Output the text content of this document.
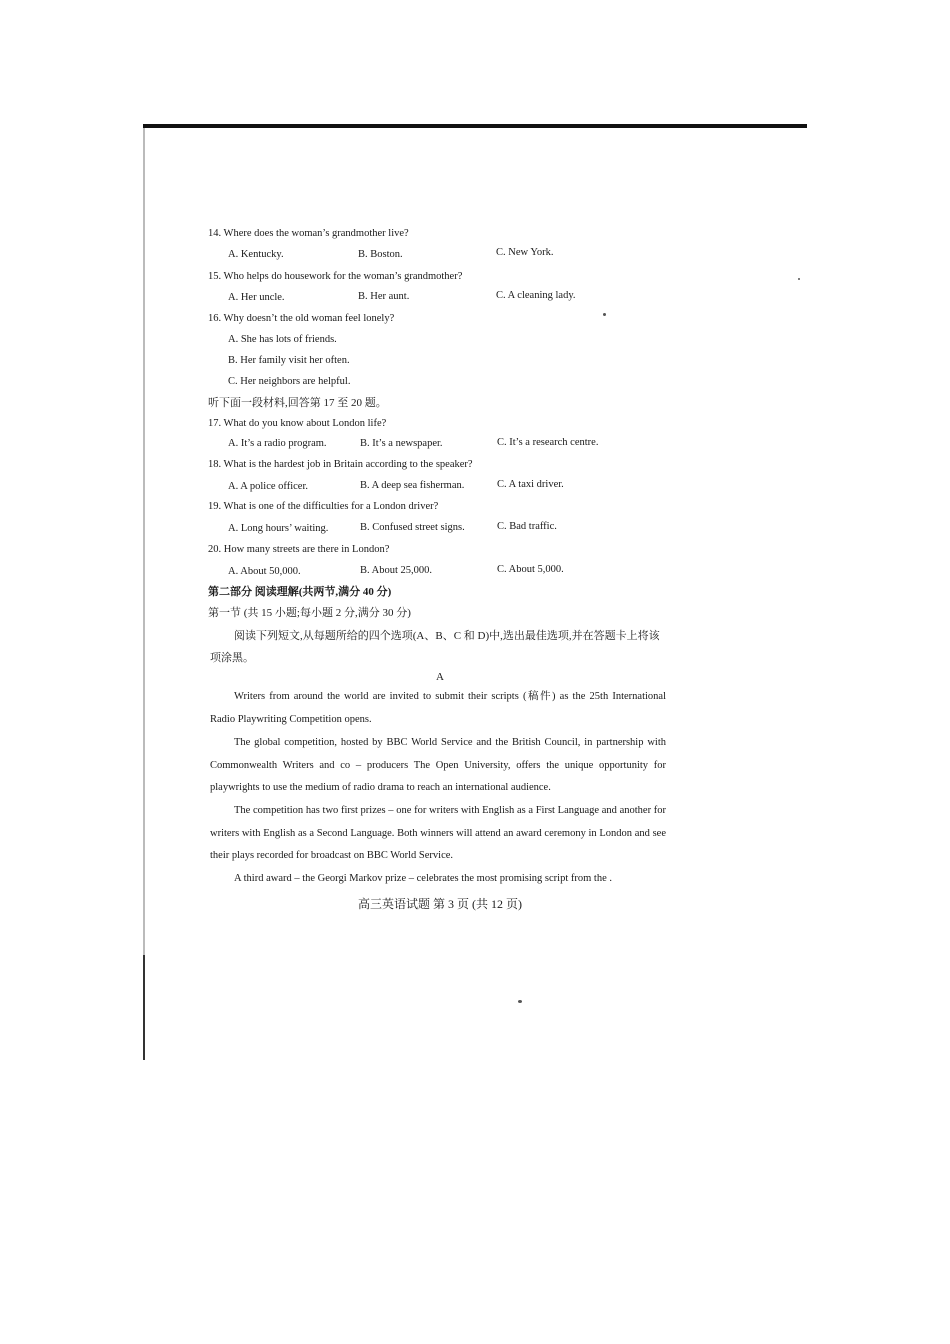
14. Where does the woman’s grandmother live?
A. Kentucky.	B. Boston.	C. New York.
15. Who helps do housework for the woman’s grandmother?
A. Her uncle.	B. Her aunt.	C. A cleaning lady.
16. Why doesn’t the old woman feel lonely?
A. She has lots of friends.
B. Her family visit her often.
C. Her neighbors are helpful.
听下面一段材料,回答第 17 至 20 题。
17. What do you know about London life?
A. It’s a radio program.	B. It’s a newspaper.	C. It’s a research centre.
18. What is the hardest job in Britain according to the speaker?
A. A police officer.	B. A deep sea fisherman.	C. A taxi driver.
19. What is one of the difficulties for a London driver?
A. Long hours’ waiting.	B. Confused street signs.	C. Bad traffic.
20. How many streets are there in London?
A. About 50,000.	B. About 25,000.	C. About 5,000.
第二部分 阅读理解(共两节,满分 40 分)
第一节 (共 15 小题;每小题 2 分,满分 30 分)
阅读下列短文,从每题所给的四个选项(A、B、C 和 D)中,选出最佳选项,并在答题卡上将该项涂黑。
A
Writers from around the world are invited to submit their scripts (稿件) as the 25th International Radio Playwriting Competition opens.
The global competition, hosted by BBC World Service and the British Council, in partnership with Commonwealth Writers and co – producers The Open University, offers the unique opportunity for playwrights to use the medium of radio drama to reach an international audience.
The competition has two first prizes – one for writers with English as a First Language and another for writers with English as a Second Language. Both winners will attend an award ceremony in London and see their plays recorded for broadcast on BBC World Service.
A third award – the Georgi Markov prize – celebrates the most promising script from the .
高三英语试题 第 3 页 (共 12 页)
